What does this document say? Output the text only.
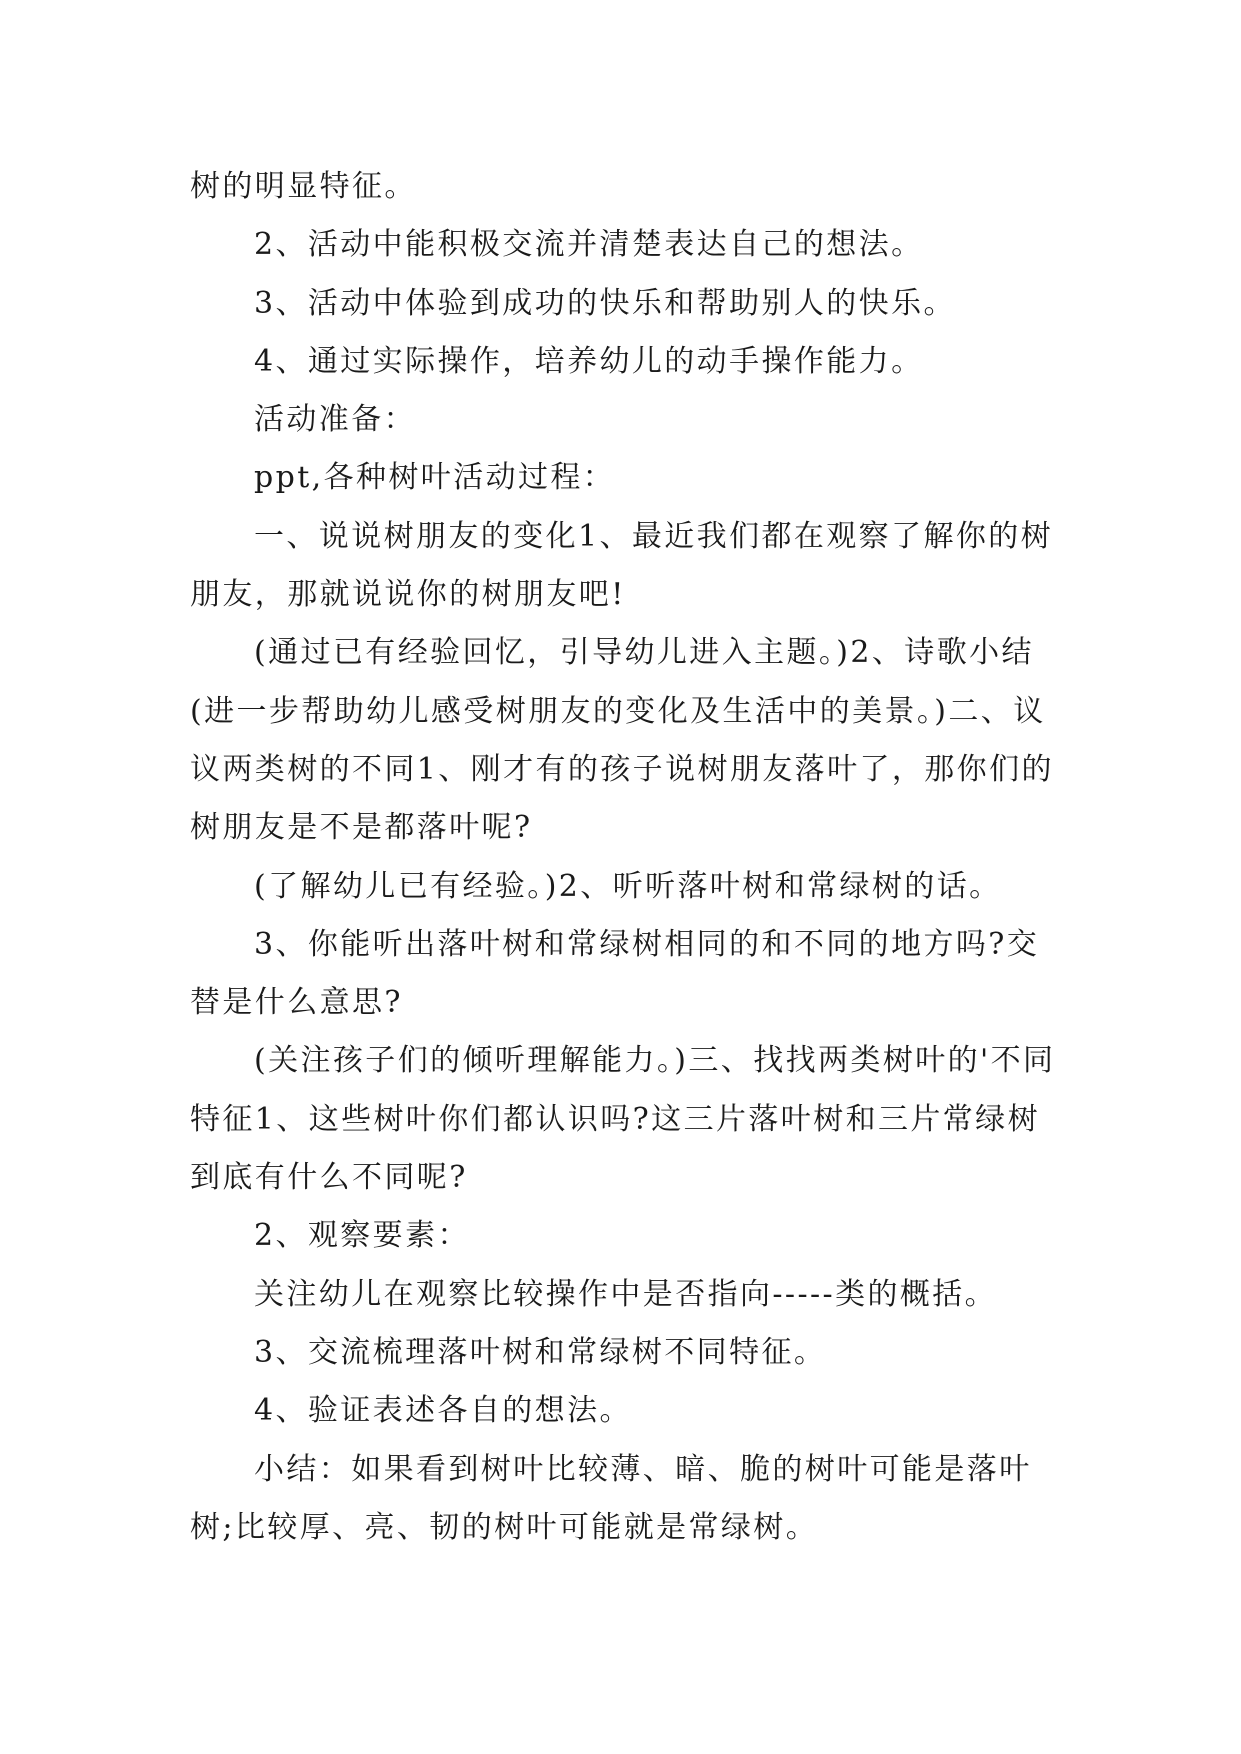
树的明显特征。

2、活动中能积极交流并清楚表达自己的想法。

3、活动中体验到成功的快乐和帮助别人的快乐。

4、通过实际操作，培养幼儿的动手操作能力。

活动准备：

ppt,各种树叶活动过程：

一、说说树朋友的变化1、最近我们都在观察了解你的树朋友，那就说说你的树朋友吧!

(通过已有经验回忆，引导幼儿进入主题。)2、诗歌小结(进一步帮助幼儿感受树朋友的变化及生活中的美景。)二、议议两类树的不同1、刚才有的孩子说树朋友落叶了，那你们的树朋友是不是都落叶呢?

(了解幼儿已有经验。)2、听听落叶树和常绿树的话。

3、你能听出落叶树和常绿树相同的和不同的地方吗?交替是什么意思?

(关注孩子们的倾听理解能力。)三、找找两类树叶的'不同特征1、这些树叶你们都认识吗?这三片落叶树和三片常绿树到底有什么不同呢?

2、观察要素：

关注幼儿在观察比较操作中是否指向-----类的概括。

3、交流梳理落叶树和常绿树不同特征。

4、验证表述各自的想法。

小结：如果看到树叶比较薄、暗、脆的树叶可能是落叶树;比较厚、亮、韧的树叶可能就是常绿树。
